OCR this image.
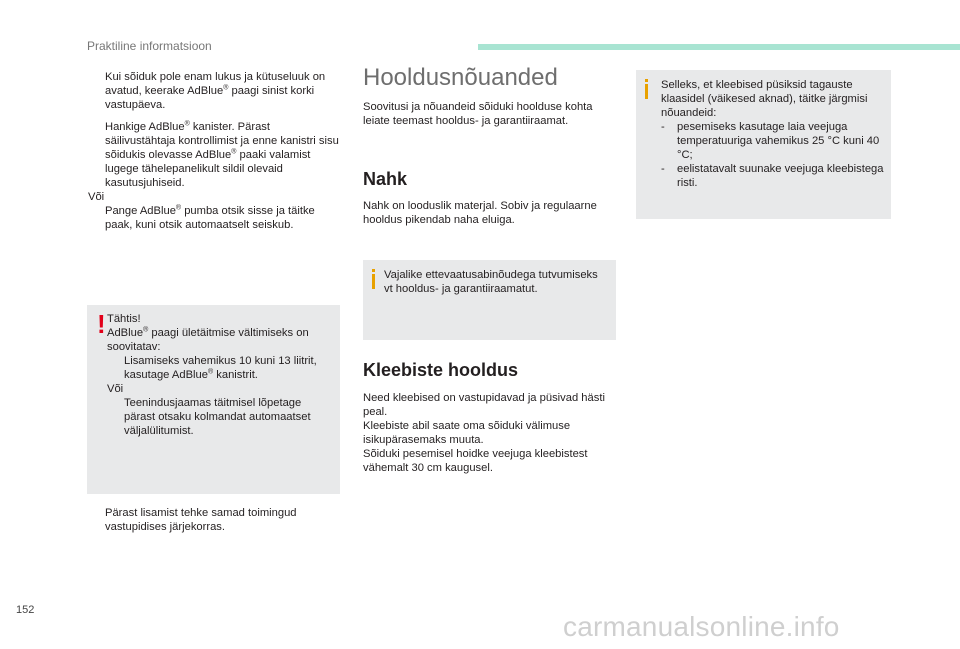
Praktiline informatsioon

Kui sõiduk pole enam lukus ja kütuseluuk on avatud, keerake AdBlue® paagi sinist korki vastupäeva.

Hankige AdBlue® kanister. Pärast säilivustähtaja kontrollimist ja enne kanistri sisu sõidukis olevasse AdBlue® paaki valamist lugege tähelepanelikult sildil olevaid kasutusjuhiseid.

Või

Pange AdBlue® pumba otsik sisse ja täitke paak, kuni otsik automaatselt seiskub.

! Tähtis!

AdBlue® paagi ületäitmise vältimiseks on soovitatav:

Lisamiseks vahemikus 10 kuni 13 liitrit, kasutage AdBlue® kanistrit.

Või

Teenindusjaamas täitmisel lõpetage pärast otsaku kolmandat automaatset väljalülitumist.

Pärast lisamist tehke samad toimingud vastupidises järjekorras.

Hooldusnõuanded

Soovitusi ja nõuandeid sõiduki hoolduse kohta leiate teemast hooldus- ja garantiiraamat.

Nahk

Nahk on looduslik materjal. Sobiv ja regulaarne hooldus pikendab naha eluiga.

Vajalike ettevaatusabinõudega tutvumiseks vt hooldus- ja garantiiraamatut.

Kleebiste hooldus

Need kleebised on vastupidavad ja püsivad hästi peal.

Kleebiste abil saate oma sõiduki välimuse isikupärasemaks muuta.

Sõiduki pesemisel hoidke veejuga kleebistest vähemalt 30 cm kaugusel.

Selleks, et kleebised püsiksid tagauste klaasidel (väikesed aknad), täitke järgmisi nõuandeid:

- pesemiseks kasutage laia veejuga temperatuuriga vahemikus 25 °C kuni 40 °C;

- eelistatavalt suunake veejuga kleebistega risti.

152
carmanualsonline.info
